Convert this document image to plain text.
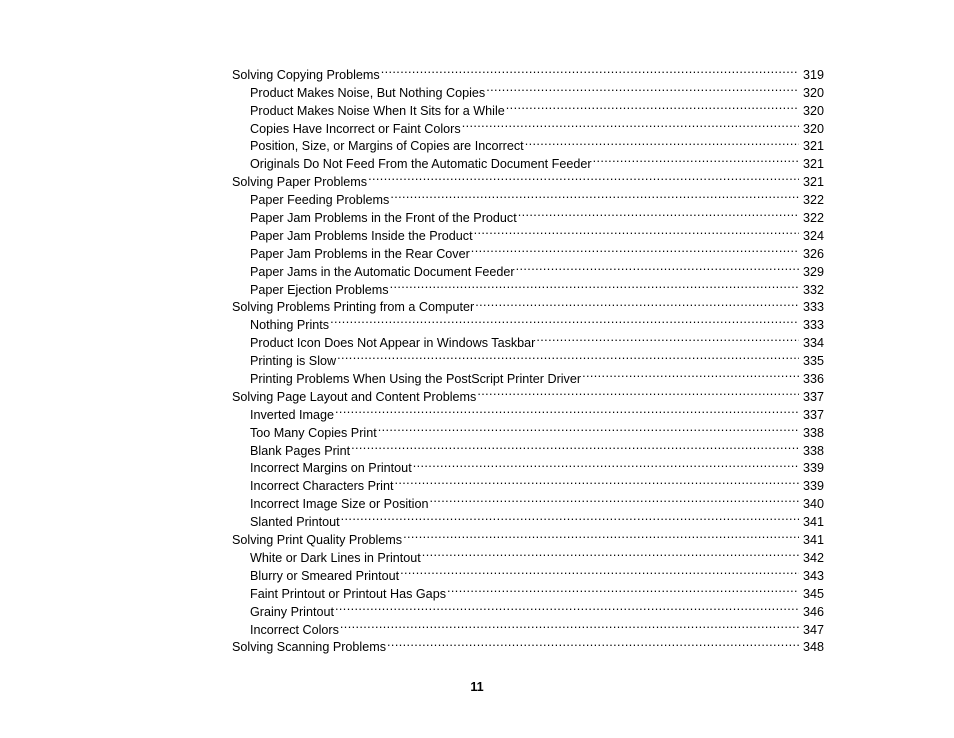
Solving Copying Problems .....	319
Product Makes Noise, But Nothing Copies .....	320
Product Makes Noise When It Sits for a While .....	320
Copies Have Incorrect or Faint Colors .....	320
Position, Size, or Margins of Copies are Incorrect .....	321
Originals Do Not Feed From the Automatic Document Feeder .....	321
Solving Paper Problems .....	321
Paper Feeding Problems .....	322
Paper Jam Problems in the Front of the Product .....	322
Paper Jam Problems Inside the Product .....	324
Paper Jam Problems in the Rear Cover .....	326
Paper Jams in the Automatic Document Feeder .....	329
Paper Ejection Problems .....	332
Solving Problems Printing from a Computer .....	333
Nothing Prints .....	333
Product Icon Does Not Appear in Windows Taskbar .....	334
Printing is Slow .....	335
Printing Problems When Using the PostScript Printer Driver .....	336
Solving Page Layout and Content Problems .....	337
Inverted Image .....	337
Too Many Copies Print .....	338
Blank Pages Print .....	338
Incorrect Margins on Printout .....	339
Incorrect Characters Print .....	339
Incorrect Image Size or Position .....	340
Slanted Printout .....	341
Solving Print Quality Problems .....	341
White or Dark Lines in Printout .....	342
Blurry or Smeared Printout .....	343
Faint Printout or Printout Has Gaps .....	345
Grainy Printout .....	346
Incorrect Colors .....	347
Solving Scanning Problems .....	348
11
